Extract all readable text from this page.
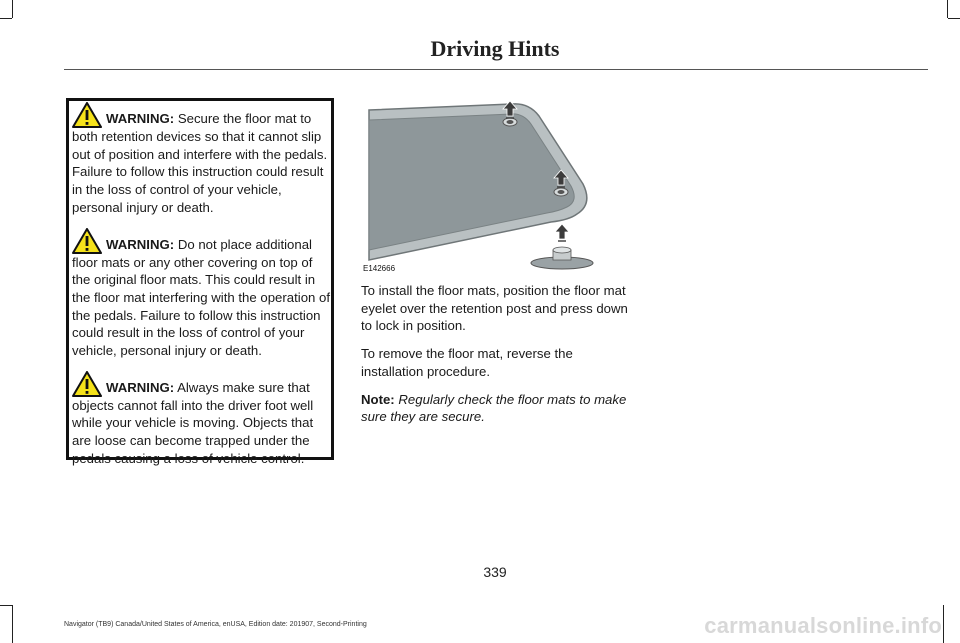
Driving Hints

WARNING: Secure the floor mat to both retention devices so that it cannot slip out of position and interfere with the pedals. Failure to follow this instruction could result in the loss of control of your vehicle, personal injury or death.

WARNING: Do not place additional floor mats or any other covering on top of the original floor mats. This could result in the floor mat interfering with the operation of the pedals. Failure to follow this instruction could result in the loss of control of your vehicle, personal injury or death.

WARNING: Always make sure that objects cannot fall into the driver foot well while your vehicle is moving. Objects that are loose can become trapped under the pedals causing a loss of vehicle control.

E142666

To install the floor mats, position the floor mat eyelet over the retention post and press down to lock in position.

To remove the floor mat, reverse the installation procedure.

Note: Regularly check the floor mats to make sure they are secure.

339
Navigator (TB9) Canada/United States of America, enUSA, Edition date: 201907, Second-Printing	carmanualsonline.info
